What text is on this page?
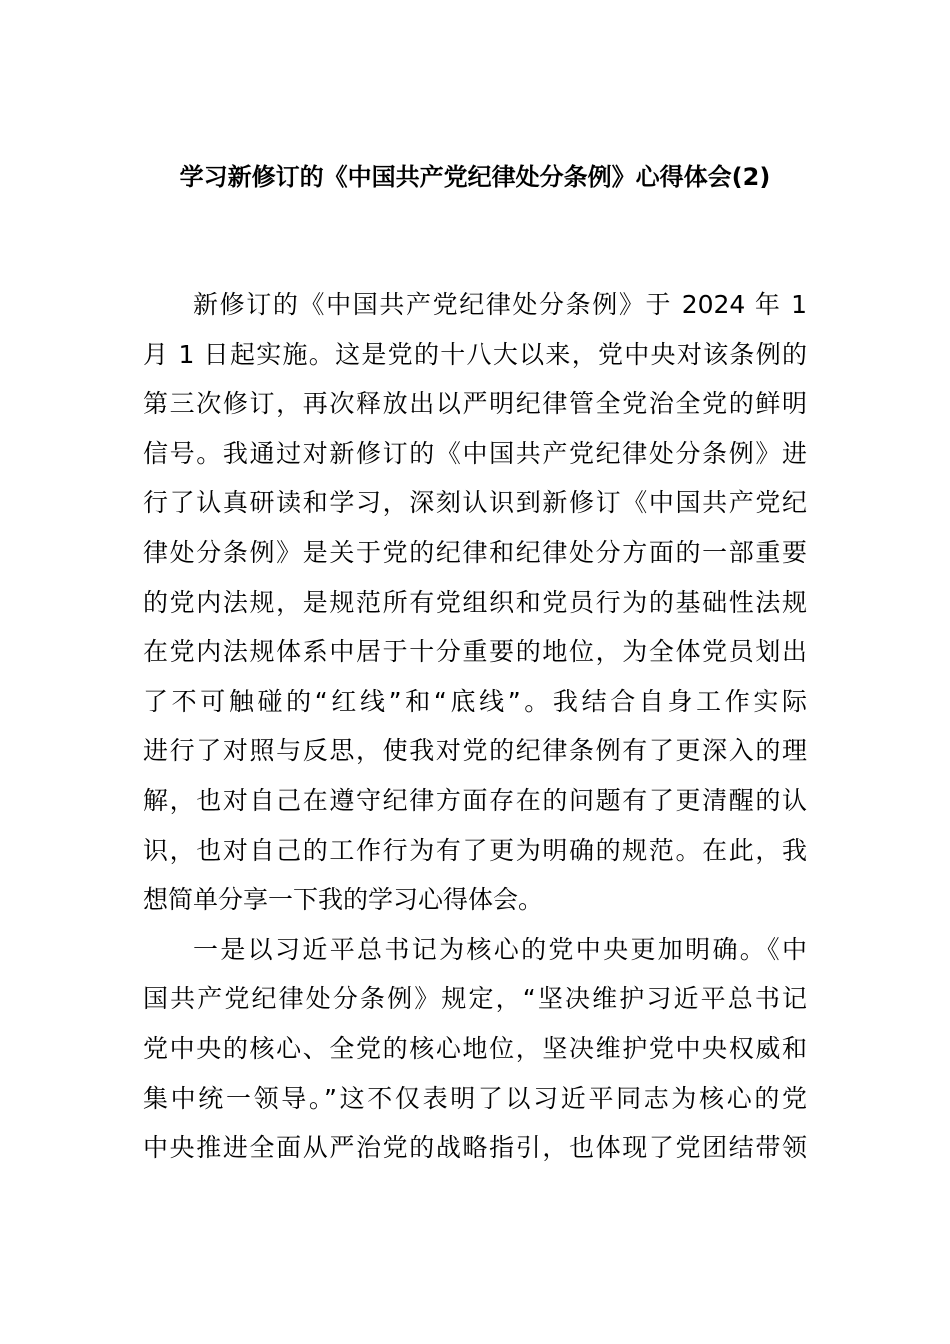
学习新修订的《中国共产党纪律处分条例》心得体会(2)
新修订的《中国共产党纪律处分条例》于 2024 年 1
月 1 日起实施。这是党的十八大以来，党中央对该条例的
第三次修订，再次释放出以严明纪律管全党治全党的鲜明
信号。我通过对新修订的《中国共产党纪律处分条例》进
行了认真研读和学习，深刻认识到新修订《中国共产党纪
律处分条例》是关于党的纪律和纪律处分方面的一部重要
的党内法规，是规范所有党组织和党员行为的基础性法规
在党内法规体系中居于十分重要的地位，为全体党员划出
了不可触碰的“红线”和“底线”。我结合自身工作实际
进行了对照与反思，使我对党的纪律条例有了更深入的理
解，也对自己在遵守纪律方面存在的问题有了更清醒的认
识，也对自己的工作行为有了更为明确的规范。在此，我
想简单分享一下我的学习心得体会。
一是以习近平总书记为核心的党中央更加明确。《中
国共产党纪律处分条例》规定，“坚决维护习近平总书记
党中央的核心、全党的核心地位，坚决维护党中央权威和
集中统一领导。”这不仅表明了以习近平同志为核心的党
中央推进全面从严治党的战略指引，也体现了党团结带领
